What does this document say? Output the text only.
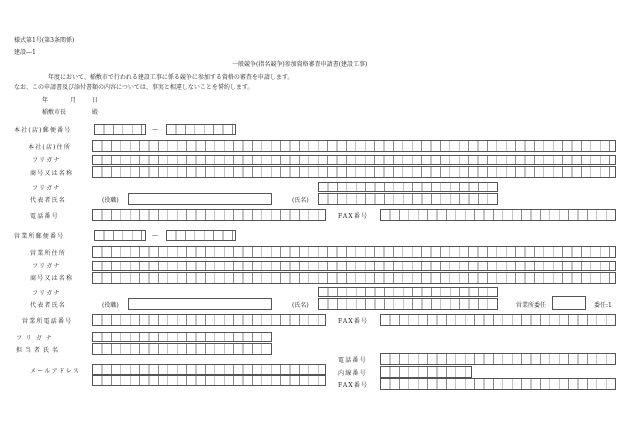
様式第1号(第3条関係)
建設—1
一般競争(指名競争)参加資格審査申請書(建設工事)
年度において、稲敷市で行われる建設工事に係る競争に参加する資格の審査を申請します。
なお、この申請書及び添付書類の内容については、事実と相違しないことを誓約します。
年	月	日
稲敷市長	殿
本社(店)郵便番号	—
本社(店)住所
フリガナ
商号又は名称
フリガナ
代表者氏名	(役職)	(氏名)
電話番号	FAX番号
営業所郵便番号	—
営業所住所
フリガナ
商号又は名称
フリガナ
代表者氏名	(役職)	(氏名)	営業所委任	委任:1
営業所電話番号	FAX番号
フリガナ
担当者氏名
電話番号
メールアドレス	内線番号
FAX番号
